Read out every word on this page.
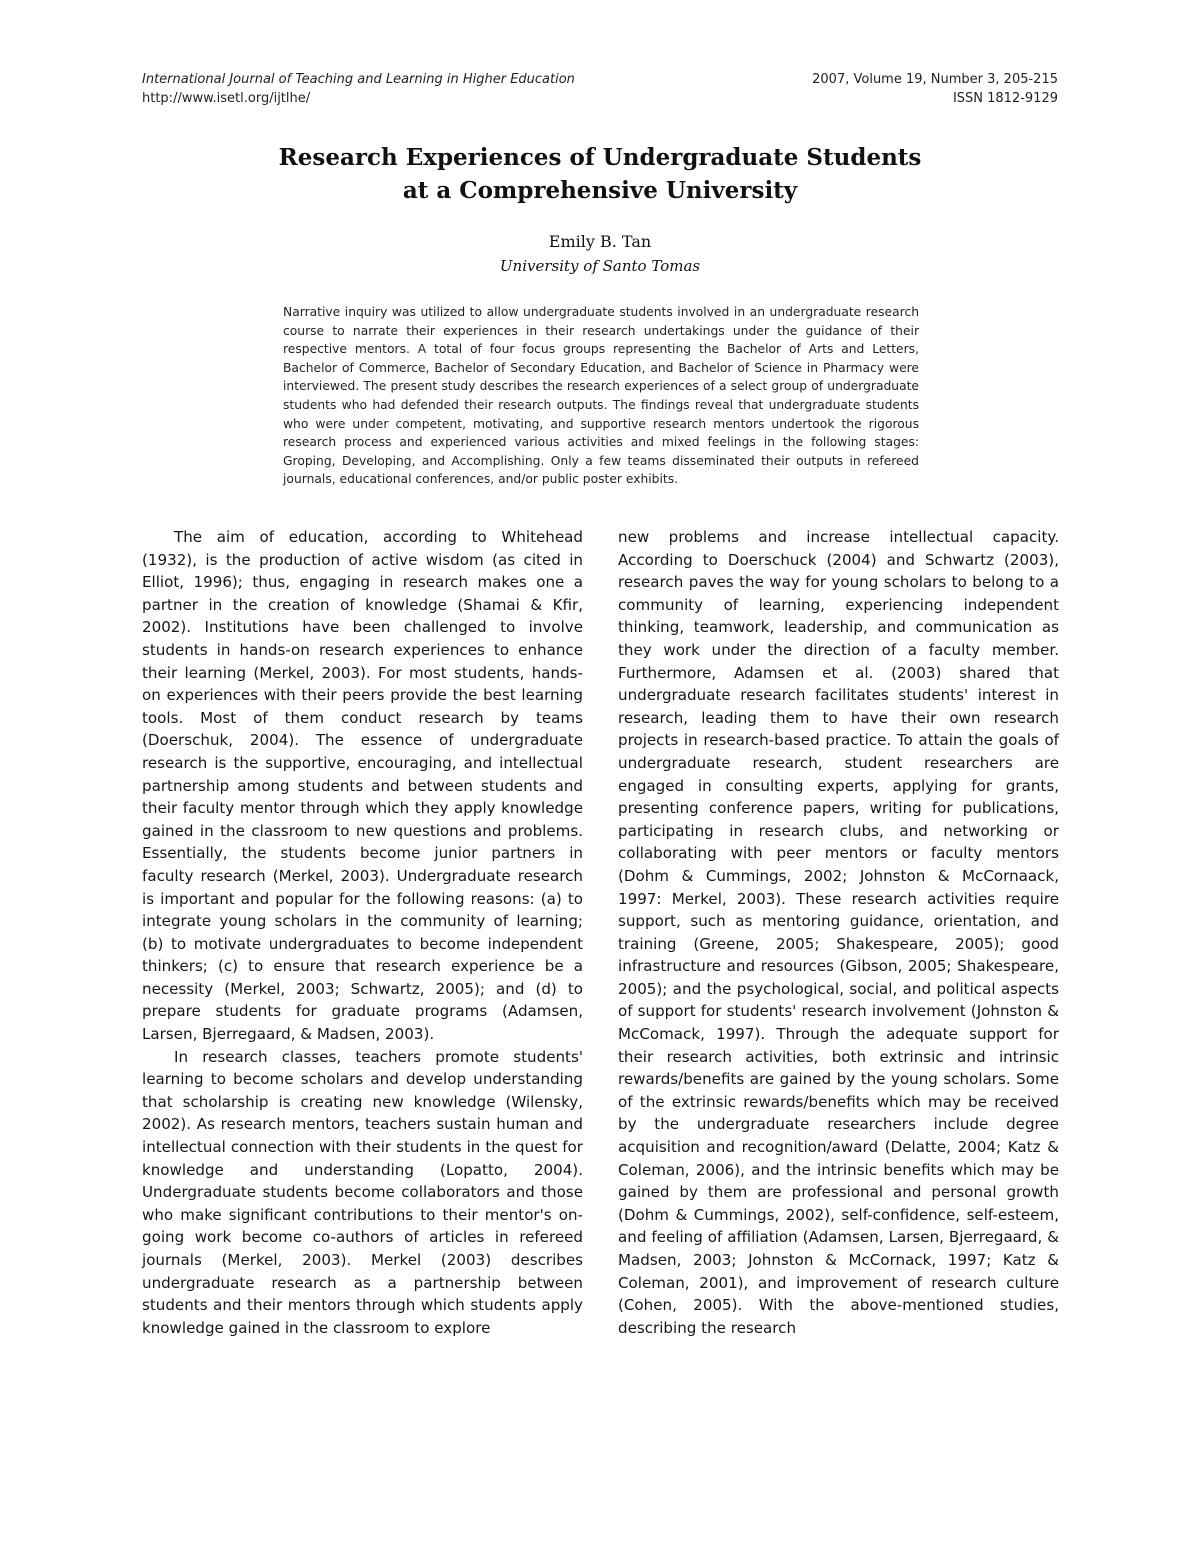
International Journal of Teaching and Learning in Higher Education
http://www.isetl.org/ijtlhe/
2007, Volume 19, Number 3, 205-215
ISSN 1812-9129
Research Experiences of Undergraduate Students
at a Comprehensive University
Emily B. Tan
University of Santo Tomas

Narrative inquiry was utilized to allow undergraduate students involved in an undergraduate research course to narrate their experiences in their research undertakings under the guidance of their respective mentors. A total of four focus groups representing the Bachelor of Arts and Letters, Bachelor of Commerce, Bachelor of Secondary Education, and Bachelor of Science in Pharmacy were interviewed. The present study describes the research experiences of a select group of undergraduate students who had defended their research outputs. The findings reveal that undergraduate students who were under competent, motivating, and supportive research mentors undertook the rigorous research process and experienced various activities and mixed feelings in the following stages: Groping, Developing, and Accomplishing. Only a few teams disseminated their outputs in refereed journals, educational conferences, and/or public poster exhibits.

The aim of education, according to Whitehead (1932), is the production of active wisdom (as cited in Elliot, 1996); thus, engaging in research makes one a partner in the creation of knowledge (Shamai & Kfir, 2002). Institutions have been challenged to involve students in hands-on research experiences to enhance their learning (Merkel, 2003). For most students, hands-on experiences with their peers provide the best learning tools. Most of them conduct research by teams (Doerschuk, 2004). The essence of undergraduate research is the supportive, encouraging, and intellectual partnership among students and between students and their faculty mentor through which they apply knowledge gained in the classroom to new questions and problems. Essentially, the students become junior partners in faculty research (Merkel, 2003). Undergraduate research is important and popular for the following reasons: (a) to integrate young scholars in the community of learning; (b) to motivate undergraduates to become independent thinkers; (c) to ensure that research experience be a necessity (Merkel, 2003; Schwartz, 2005); and (d) to prepare students for graduate programs (Adamsen, Larsen, Bjerregaard, & Madsen, 2003).

In research classes, teachers promote students' learning to become scholars and develop understanding that scholarship is creating new knowledge (Wilensky, 2002). As research mentors, teachers sustain human and intellectual connection with their students in the quest for knowledge and understanding (Lopatto, 2004). Undergraduate students become collaborators and those who make significant contributions to their mentor's on-going work become co-authors of articles in refereed journals (Merkel, 2003). Merkel (2003) describes undergraduate research as a partnership between students and their mentors through which students apply knowledge gained in the classroom to explore

new problems and increase intellectual capacity. According to Doerschuck (2004) and Schwartz (2003), research paves the way for young scholars to belong to a community of learning, experiencing independent thinking, teamwork, leadership, and communication as they work under the direction of a faculty member. Furthermore, Adamsen et al. (2003) shared that undergraduate research facilitates students' interest in research, leading them to have their own research projects in research-based practice. To attain the goals of undergraduate research, student researchers are engaged in consulting experts, applying for grants, presenting conference papers, writing for publications, participating in research clubs, and networking or collaborating with peer mentors or faculty mentors (Dohm & Cummings, 2002; Johnston & McCornaack, 1997: Merkel, 2003). These research activities require support, such as mentoring guidance, orientation, and training (Greene, 2005; Shakespeare, 2005); good infrastructure and resources (Gibson, 2005; Shakespeare, 2005); and the psychological, social, and political aspects of support for students' research involvement (Johnston & McComack, 1997). Through the adequate support for their research activities, both extrinsic and intrinsic rewards/benefits are gained by the young scholars. Some of the extrinsic rewards/benefits which may be received by the undergraduate researchers include degree acquisition and recognition/award (Delatte, 2004; Katz & Coleman, 2006), and the intrinsic benefits which may be gained by them are professional and personal growth (Dohm & Cummings, 2002), self-confidence, self-esteem, and feeling of affiliation (Adamsen, Larsen, Bjerregaard, & Madsen, 2003; Johnston & McCornack, 1997; Katz & Coleman, 2001), and improvement of research culture (Cohen, 2005). With the above-mentioned studies, describing the research
